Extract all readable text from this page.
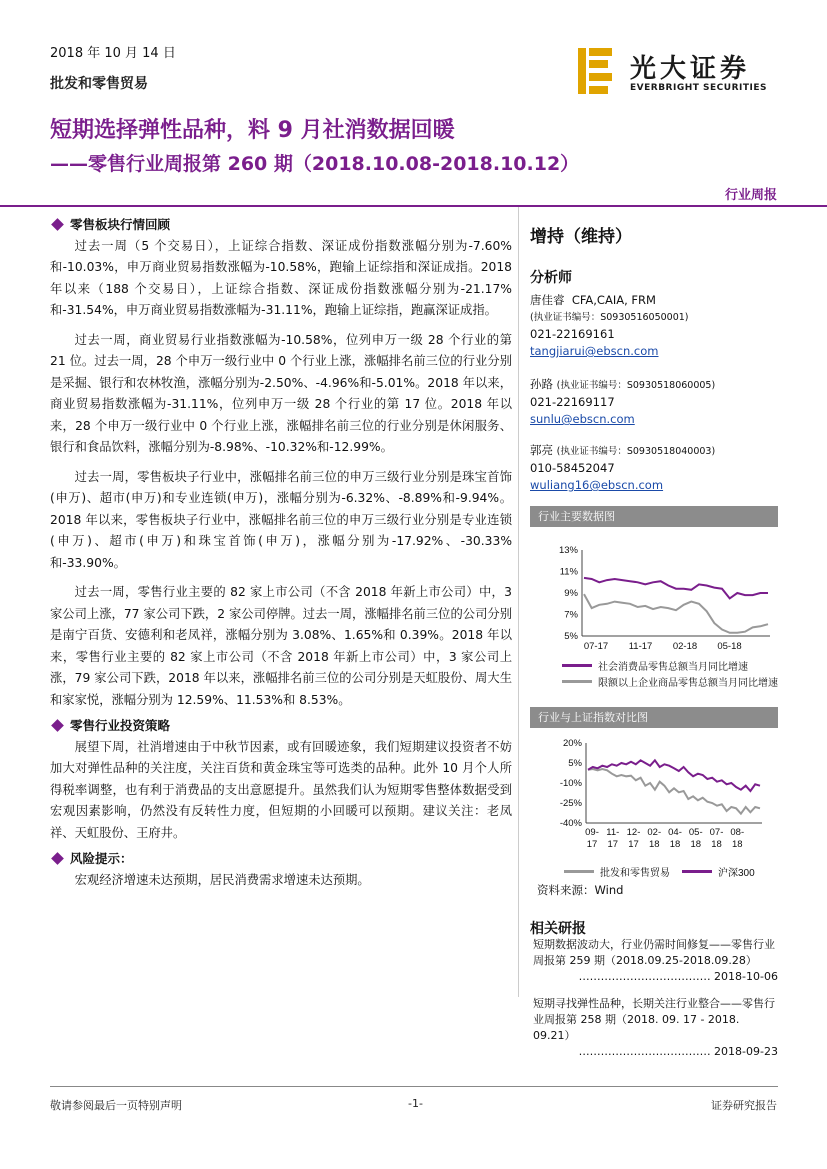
2018 年 10 月 14 日
批发和零售贸易	光大证券
EVERBRIGHT SECURITIES
短期选择弹性品种，料 9 月社消数据回暖
——零售行业周报第 260 期（2018.10.08-2018.10.12）
行业周报
零售板块行情回顾

过去一周（5 个交易日），上证综合指数、深证成份指数涨幅分别为-7.60%和-10.03%，申万商业贸易指数涨幅为-10.58%，跑输上证综指和深证成指。2018 年以来（188 个交易日），上证综合指数、深证成份指数涨幅分别为-21.17%和-31.54%，申万商业贸易指数涨幅为-31.11%，跑输上证综指，跑赢深证成指。

过去一周，商业贸易行业指数涨幅为-10.58%，位列申万一级 28 个行业的第 21 位。过去一周，28 个申万一级行业中 0 个行业上涨，涨幅排名前三位的行业分别是采掘、银行和农林牧渔，涨幅分别为-2.50%、-4.96%和-5.01%。2018 年以来，商业贸易指数涨幅为-31.11%，位列申万一级 28 个行业的第 17 位。2018 年以来，28 个申万一级行业中 0 个行业上涨，涨幅排名前三位的行业分别是休闲服务、银行和食品饮料，涨幅分别为-8.98%、-10.32%和-12.99%。

过去一周，零售板块子行业中，涨幅排名前三位的申万三级行业分别是珠宝首饰(申万)、超市(申万)和专业连锁(申万)，涨幅分别为-6.32%、-8.89%和-9.94%。2018 年以来，零售板块子行业中，涨幅排名前三位的申万三级行业分别是专业连锁(申万)、超市(申万)和珠宝首饰(申万)，涨幅分别为-17.92%、-30.33%和-33.90%。

过去一周，零售行业主要的 82 家上市公司（不含 2018 年新上市公司）中，3 家公司上涨，77 家公司下跌，2 家公司停牌。过去一周，涨幅排名前三位的公司分别是南宁百货、安德利和老凤祥，涨幅分别为 3.08%、1.65%和 0.39%。2018 年以来，零售行业主要的 82 家上市公司（不含 2018 年新上市公司）中，3 家公司上涨，79 家公司下跌，2018 年以来，涨幅排名前三位的公司分别是天虹股份、周大生和家家悦，涨幅分别为 12.59%、11.53%和 8.53%。

零售行业投资策略

展望下周，社消增速由于中秋节因素，或有回暖迹象，我们短期建议投资者不妨加大对弹性品种的关注度，关注百货和黄金珠宝等可选类的品种。此外 10 月个人所得税率调整，也有利于消费品的支出意愿提升。虽然我们认为短期零售整体数据受到宏观因素影响，仍然没有反转性力度，但短期的小回暖可以预期。建议关注：老凤祥、天虹股份、王府井。

风险提示：

宏观经济增速未达预期，居民消费需求增速未达预期。

增持（维持）
分析师
唐佳睿 CFA,CAIA, FRM
(执业证书编号：S0930516050001)
021-22169161
tangjiarui@ebscn.com
孙路 (执业证书编号：S0930518060005)
021-22169117
sunlu@ebscn.com
郭亮 (执业证书编号：S0930518040003)
010-58452047
wuliang16@ebscn.com
行业主要数据图
13%
11%
9%
7%
5%
07-17 11-17 02-18 05-18
社会消费品零售总额当月同比增速
限额以上企业商品零售总额当月同比增速
行业与上证指数对比图
20%
5%
-10%
-25%
-40%
09-
17
11-
17
12-
17
02-
18
04-
18
05-
18
07-
18
08-
18
批发和零售贸易	沪深300
资料来源：Wind
相关研报
短期数据波动大，行业仍需时间修复——零售行业周报第 259 期（2018.09.25-2018.09.28）
……………………………… 2018-10-06
短期寻找弹性品种，长期关注行业整合——零售行业周报第 258 期（2018. 09. 17 - 2018. 09.21）
……………………………… 2018-09-23
敬请参阅最后一页特别声明	-1-	证券研究报告
